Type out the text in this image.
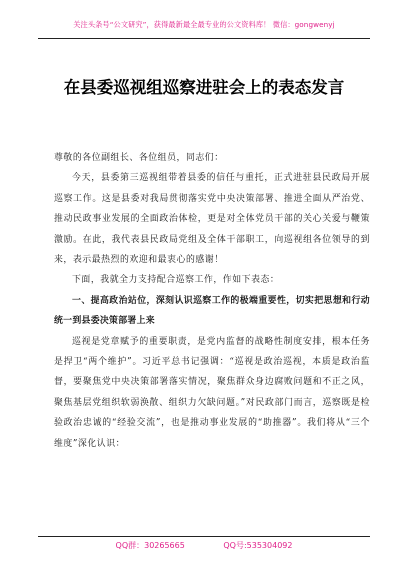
关注头条号“公文研究”，获得最新最全最专业的公文资料库！ 微信：gongwenyj
在县委巡视组巡察进驻会上的表态发言

尊敬的各位副组长、各位组员，同志们：

今天，县委第三巡视组带着县委的信任与重托，正式进驻县民政局开展巡察工作。这是县委对我局贯彻落实党中央决策部署、推进全面从严治党、推动民政事业发展的全面政治体检，更是对全体党员干部的关心关爱与鞭策激励。在此，我代表县民政局党组及全体干部职工，向巡视组各位领导的到来，表示最热烈的欢迎和最衷心的感谢！

下面，我就全力支持配合巡察工作，作如下表态：

一、提高政治站位，深刻认识巡察工作的极端重要性，切实把思想和行动统一到县委决策部署上来

巡视是党章赋予的重要职责，是党内监督的战略性制度安排，根本任务是捍卫“两个维护”。习近平总书记强调：“巡视是政治巡视，本质是政治监督，要聚焦党中央决策部署落实情况，聚焦群众身边腐败问题和不正之风，聚焦基层党组织软弱涣散、组织力欠缺问题。”对民政部门而言，巡察既是检验政治忠诚的“经验交流”，也是推动事业发展的“助推器”。我们将从“三个维度”深化认识：

QQ群：30265665	QQ号:535304092
